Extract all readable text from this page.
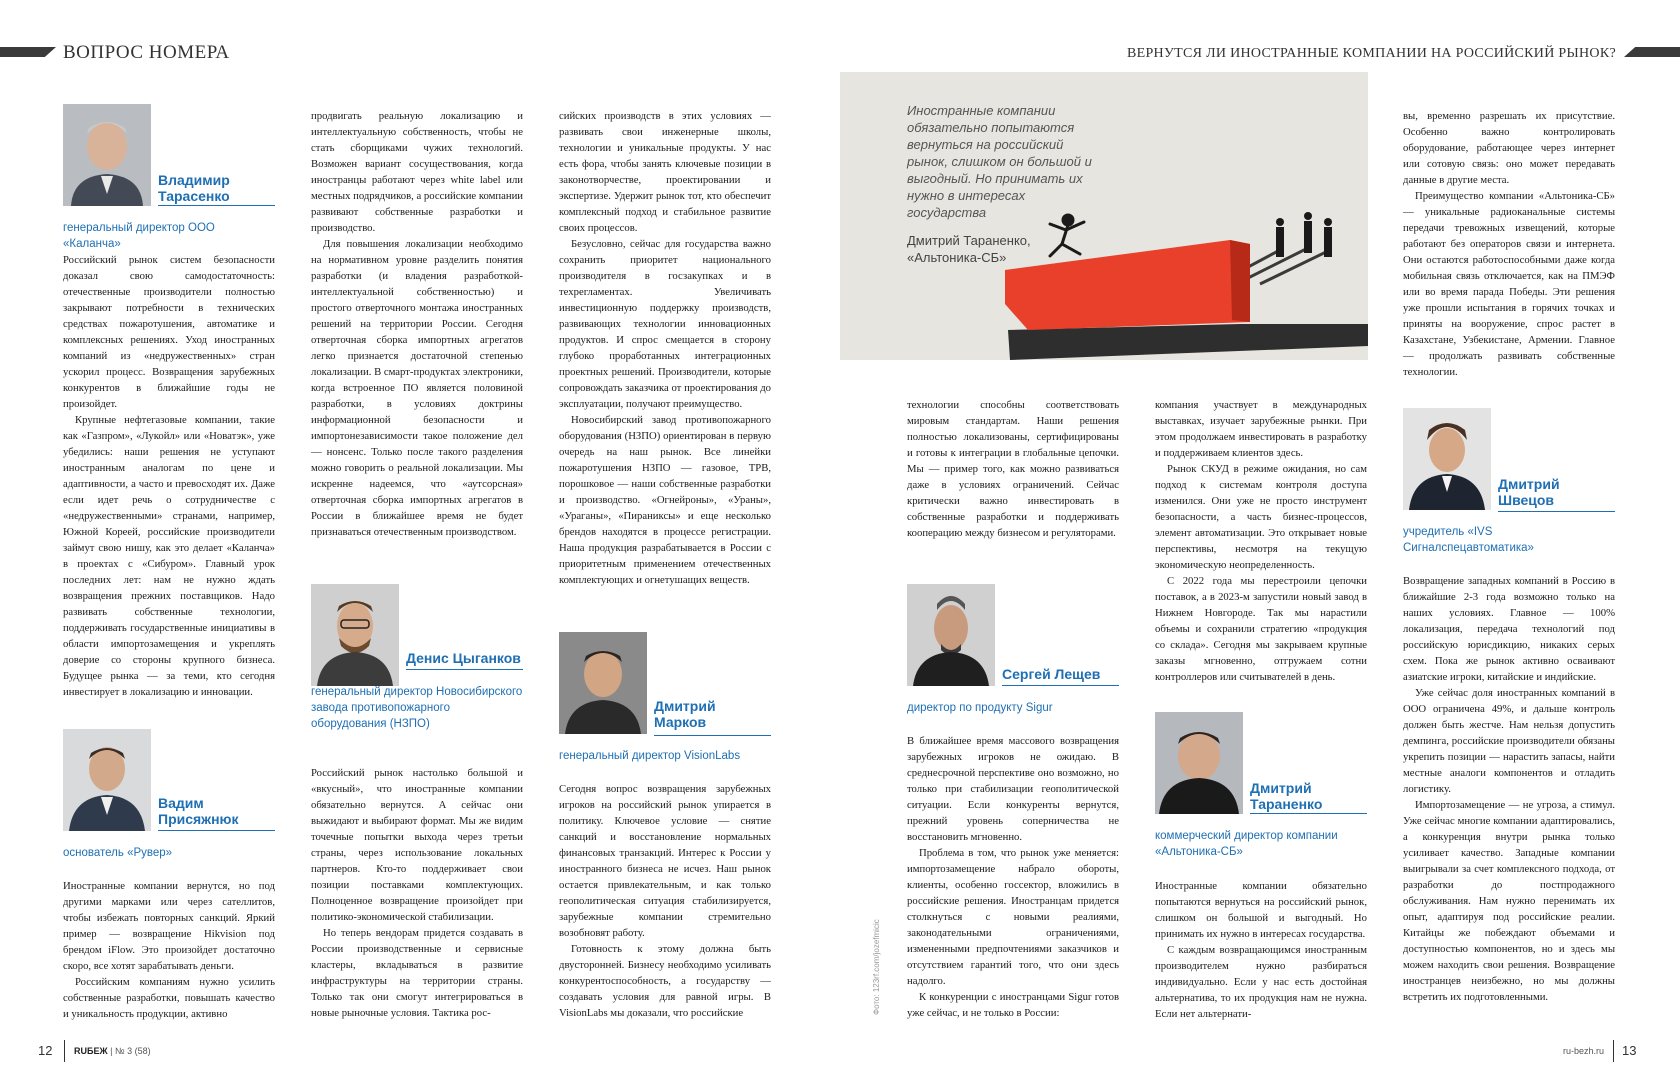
ВОПРОС НОМЕРА	ВЕРНУТСЯ ЛИ ИНОСТРАННЫЕ КОМПАНИИ НА РОССИЙСКИЙ РЫНОК?
Владимир Тарасенко
генеральный директор ООО «Каланча»

Российский рынок систем безопасности доказал свою самодостаточность: отечественные производители полностью закрывают потребности в технических средствах пожаротушения, автоматике и комплексных решениях. Уход иностранных компаний из «недружественных» стран ускорил процесс. Возвращения зарубежных конкурентов в ближайшие годы не произойдет.

Крупные нефтегазовые компании, такие как «Газпром», «Лукойл» или «Новатэк», уже убедились: наши решения не уступают иностранным аналогам по цене и адаптивности, а часто и превосходят их. Даже если идет речь о сотрудничестве с «недружественными» странами, например, Южной Кореей, российские производители займут свою нишу, как это делает «Каланча» в проектах с «Сибуром». Главный урок последних лет: нам не нужно ждать возвращения прежних поставщиков. Надо развивать собственные технологии, поддерживать государственные инициативы в области импортозамещения и укреплять доверие со стороны крупного бизнеса. Будущее рынка — за теми, кто сегодня инвестирует в локализацию и инновации.

Вадим Присяжнюк
основатель «Рувер»

Иностранные компании вернутся, но под другими марками или через сателлитов, чтобы избежать повторных санкций. Яркий пример — возвращение Hikvision под брендом iFlow. Это произойдет достаточно скоро, все хотят зарабатывать деньги.

Российским компаниям нужно усилить собственные разработки, повышать качество и уникальность продукции, активно

продвигать реальную локализацию и интеллектуальную собственность, чтобы не стать сборщиками чужих технологий. Возможен вариант сосуществования, когда иностранцы работают через white label или местных подрядчиков, а российские компании развивают собственные разработки и производство.

Для повышения локализации необходимо на нормативном уровне разделить понятия разработки (и владения разработкой-интеллектуальной собственностью) и простого отверточного монтажа иностранных решений на территории России. Сегодня отверточная сборка импортных агрегатов легко признается достаточной степенью локализации. В смарт-продуктах электроники, когда встроенное ПО является половиной разработки, в условиях доктрины информационной безопасности и импортонезависимости такое положение дел — нонсенс. Только после такого разделения можно говорить о реальной локализации. Мы искренне надеемся, что «аутсорсная» отверточная сборка импортных агрегатов в России в ближайшее время не будет признаваться отечественным производством.

Денис Цыганков
генеральный директор Новосибирского завода противопожарного оборудования (НЗПО)

Российский рынок настолько большой и «вкусный», что иностранные компании обязательно вернутся. А сейчас они выжидают и выбирают формат. Мы же видим точечные попытки выхода через третьи страны, через использование локальных партнеров. Кто-то поддерживает свои позиции поставками комплектующих. Полноценное возвращение произойдет при политико-экономической стабилизации.

Но теперь вендорам придется создавать в России производственные и сервисные кластеры, вкладываться в развитие инфраструктуры на территории страны. Только так они смогут интегрироваться в новые рыночные условия. Тактика рос-

сийских производств в этих условиях — развивать свои инженерные школы, технологии и уникальные продукты. У нас есть фора, чтобы занять ключевые позиции в законотворчестве, проектировании и экспертизе. Удержит рынок тот, кто обеспечит комплексный подход и стабильное развитие своих процессов.

Безусловно, сейчас для государства важно сохранить приоритет национального производителя в госзакупках и в техрегламентах. Увеличивать инвестиционную поддержку производств, развивающих технологии инновационных продуктов. И спрос смещается в сторону глубоко проработанных интеграционных проектных решений. Производители, которые сопровождать заказчика от проектирования до эксплуатации, получают преимущество.

Новосибирский завод противопожарного оборудования (НЗПО) ориентирован в первую очередь на наш рынок. Все линейки пожаротушения НЗПО — газовое, ТРВ, порошковое — наши собственные разработки и производство. «Огнейроны», «Ураны», «Ураганы», «Пираниксы» и еще несколько брендов находятся в процессе регистрации. Наша продукция разрабатывается в России с приоритетным применением отечественных комплектующих и огнетушащих веществ.

Дмитрий Марков
генеральный директор VisionLabs

Сегодня вопрос возвращения зарубежных игроков на российский рынок упирается в политику. Ключевое условие — снятие санкций и восстановление нормальных финансовых транзакций. Интерес к России у иностранного бизнеса не исчез. Наш рынок остается привлекательным, и как только геополитическая ситуация стабилизируется, зарубежные компании стремительно возобновят работу.

Готовность к этому должна быть двусторонней. Бизнесу необходимо усиливать конкурентоспособность, а государству — создавать условия для равной игры. В VisionLabs мы доказали, что российские

Иностранные компании обязательно попытаются вернуться на российский рынок, слишком он большой и выгодный. Но принимать их нужно в интересах государства
Дмитрий Тараненко, «Альтоника-СБ»

технологии способны соответствовать мировым стандартам. Наши решения полностью локализованы, сертифицированы и готовы к интеграции в глобальные цепочки. Мы — пример того, как можно развиваться даже в условиях ограничений. Сейчас критически важно инвестировать в собственные разработки и поддерживать кооперацию между бизнесом и регуляторами.

Сергей Лещев
директор по продукту Sigur

В ближайшее время массового возвращения зарубежных игроков не ожидаю. В среднесрочной перспективе оно возможно, но только при стабилизации геополитической ситуации. Если конкуренты вернутся, прежний уровень соперничества не восстановить мгновенно.

Проблема в том, что рынок уже меняется: импортозамещение набрало обороты, клиенты, особенно госсектор, вложились в российские решения. Иностранцам придется столкнуться с новыми реалиями, законодательными ограничениями, измененными предпочтениями заказчиков и отсутствием гарантий того, что они здесь надолго.

К конкуренции с иностранцами Sigur готов уже сейчас, и не только в России:

компания участвует в международных выставках, изучает зарубежные рынки. При этом продолжаем инвестировать в разработку и поддерживаем клиентов здесь.

Рынок СКУД в режиме ожидания, но сам подход к системам контроля доступа изменился. Они уже не просто инструмент безопасности, а часть бизнес-процессов, элемент автоматизации. Это открывает новые перспективы, несмотря на текущую экономическую неопределенность.

С 2022 года мы перестроили цепочки поставок, а в 2023-м запустили новый завод в Нижнем Новгороде. Так мы нарастили объемы и сохранили стратегию «продукция со склада». Сегодня мы закрываем крупные заказы мгновенно, отгружаем сотни контроллеров или считывателей в день.

Дмитрий Тараненко
коммерческий директор компании «Альтоника-СБ»

Иностранные компании обязательно попытаются вернуться на российский рынок, слишком он большой и выгодный. Но принимать их нужно в интересах государства.

С каждым возвращающимся иностранным производителем нужно разбираться индивидуально. Если у нас есть достойная альтернатива, то их продукция нам не нужна. Если нет альтернати-

вы, временно разрешать их присутствие. Особенно важно контролировать оборудование, работающее через интернет или сотовую связь: оно может передавать данные в другие места.

Преимущество компании «Альтоника-СБ» — уникальные радиоканальные системы передачи тревожных извещений, которые работают без операторов связи и интернета. Они остаются работоспособными даже когда мобильная связь отключается, как на ПМЭФ или во время парада Победы. Эти решения уже прошли испытания в горячих точках и приняты на вооружение, спрос растет в Казахстане, Узбекистане, Армении. Главное — продолжать развивать собственные технологии.

Дмитрий Швецов
учредитель «IVS Сигналспецавтоматика»

Возвращение западных компаний в Россию в ближайшие 2-3 года возможно только на наших условиях. Главное — 100% локализация, передача технологий под российскую юрисдикцию, никаких серых схем. Пока же рынок активно осваивают азиатские игроки, китайские и индийские.

Уже сейчас доля иностранных компаний в ООО ограничена 49%, и дальше контроль должен быть жестче. Нам нельзя допустить демпинга, российские производители обязаны укрепить позиции — нарастить запасы, найти местные аналоги компонентов и отладить логистику.

Импортозамещение — не угроза, а стимул. Уже сейчас многие компании адаптировались, а конкуренция внутри рынка только усиливает качество. Западные компании выигрывали за счет комплексного подхода, от разработки до постпродажного обслуживания. Нам нужно перенимать их опыт, адаптируя под российские реалии. Китайцы же побеждают объемами и доступностью компонентов, но и здесь мы можем находить свои решения. Возвращение иностранцев неизбежно, но мы должны встретить их подготовленными.

Фото: 123rf.com/jozefmicic
12 RUБЕЖ | № 3 (58)	ru-bezh.ru 13
